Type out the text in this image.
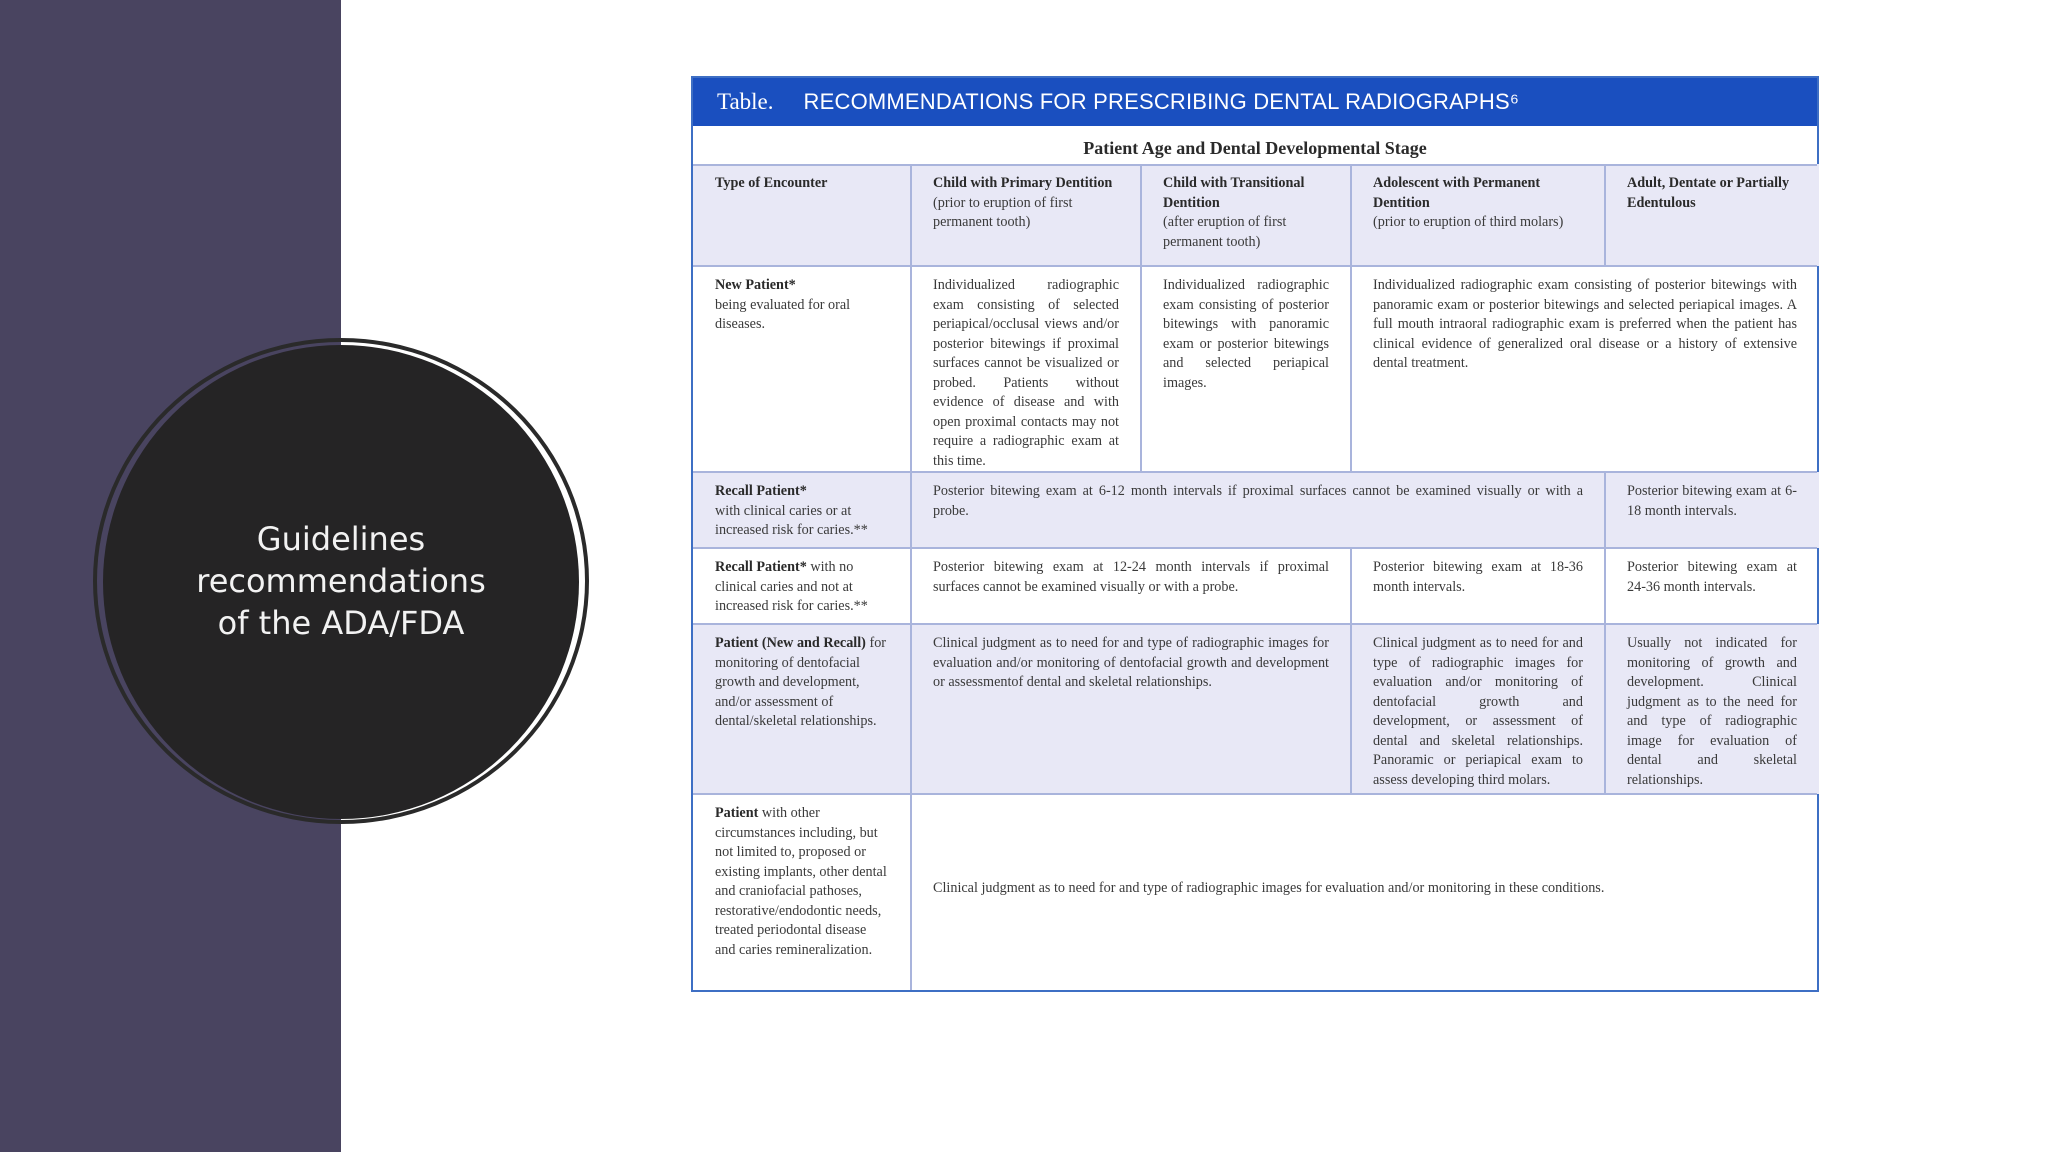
Guidelines
recommendations
of the ADA/FDA
Table. RECOMMENDATIONS FOR PRESCRIBING DENTAL RADIOGRAPHS⁶
Patient Age and Dental Developmental Stage
Type of Encounter	Child with Primary Dentition
(prior to eruption of first permanent tooth)
Child with Transitional Dentition
(after eruption of first permanent tooth)
Adolescent with Permanent Dentition
(prior to eruption of third molars)
Adult, Dentate or Partially Edentulous
New Patient*
being evaluated for oral diseases.
Individualized radiographic exam consisting of selected periapical/occlusal views and/or posterior bitewings if proximal surfaces cannot be visualized or probed. Patients without evidence of disease and with open proximal contacts may not require a radiographic exam at this time.
Individualized radiographic exam consisting of posterior bitewings with panoramic exam or posterior bitewings and selected periapical images.
Individualized radiographic exam consisting of posterior bitewings with panoramic exam or posterior bitewings and selected periapical images. A full mouth intraoral radiographic exam is preferred when the patient has clinical evidence of generalized oral disease or a history of extensive dental treatment.
Recall Patient*
with clinical caries or at increased risk for caries.**
Posterior bitewing exam at 6-12 month intervals if proximal surfaces cannot be examined visually or with a probe.
Posterior bitewing exam at 6-18 month intervals.
Recall Patient* with no clinical caries and not at increased risk for caries.**
Posterior bitewing exam at 12-24 month intervals if proximal surfaces cannot be examined visually or with a probe.
Posterior bitewing exam at 18-36 month intervals.
Posterior bitewing exam at 24-36 month intervals.
Patient (New and Recall) for monitoring of dentofacial growth and development, and/or assessment of dental/skeletal relationships.
Clinical judgment as to need for and type of radiographic images for evaluation and/or monitoring of dentofacial growth and development or assessmentof dental and skeletal relationships.
Clinical judgment as to need for and type of radiographic images for evaluation and/or monitoring of dentofacial growth and development, or assessment of dental and skeletal relationships. Panoramic or periapical exam to assess developing third molars.
Usually not indicated for monitoring of growth and development. Clinical judgment as to the need for and type of radiographic image for evaluation of dental and skeletal relationships.
Patient with other circumstances including, but not limited to, proposed or existing implants, other dental and craniofacial pathoses, restorative/endodontic needs, treated periodontal disease and caries remineralization.
Clinical judgment as to need for and type of radiographic images for evaluation and/or monitoring in these conditions.
